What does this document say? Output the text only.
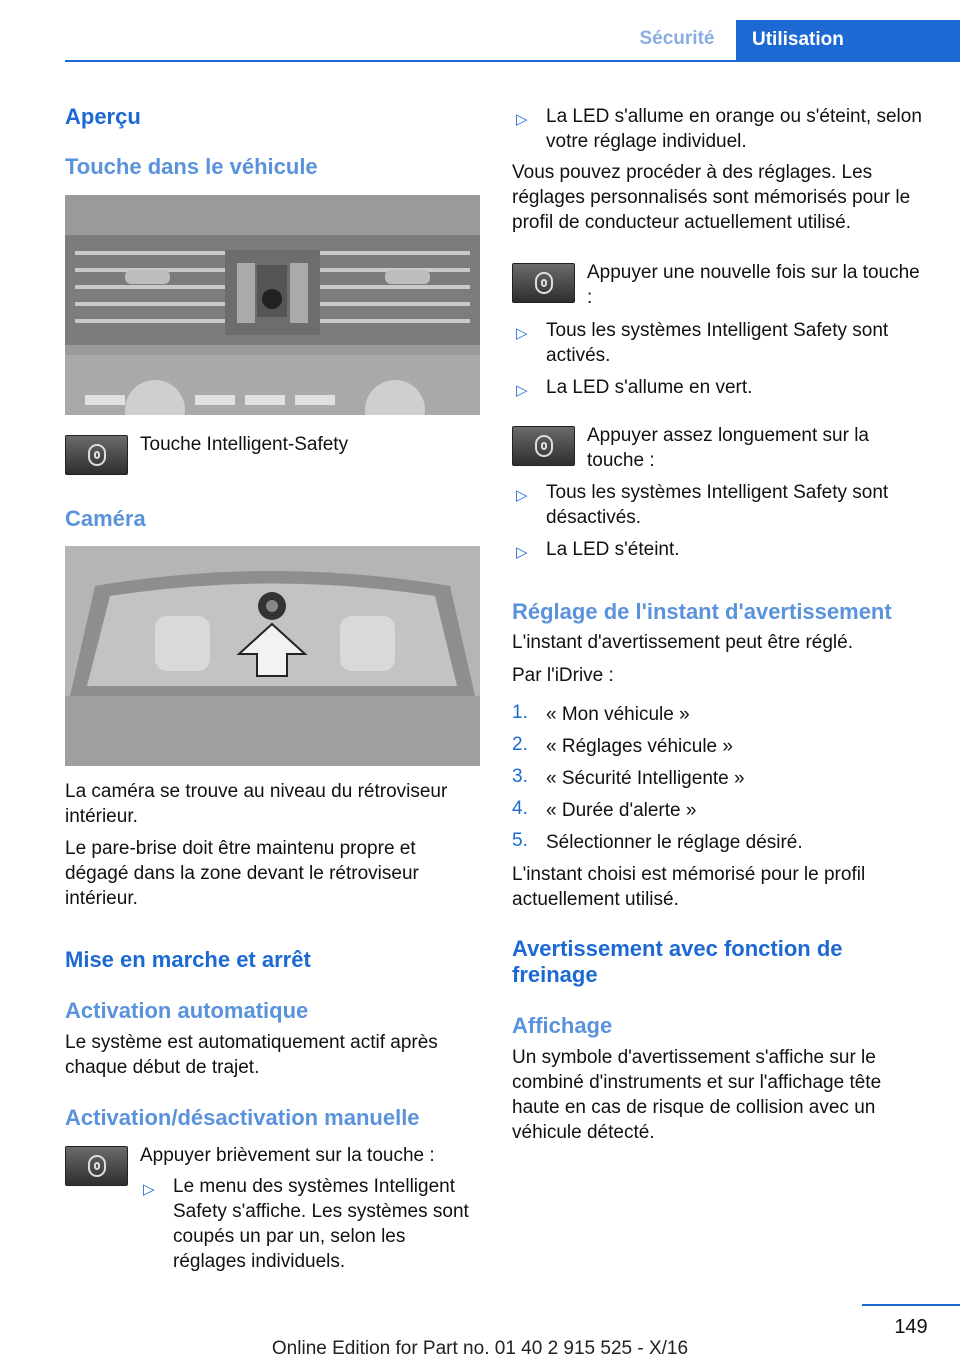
Sécurité	Utilisation
Aperçu
Touche dans le véhicule
Touche Intelligent-Safety
Caméra
La caméra se trouve au niveau du rétroviseur intérieur.
Le pare-brise doit être maintenu propre et dégagé dans la zone devant le rétroviseur intérieur.
Mise en marche et arrêt
Activation automatique
Le système est automatiquement actif après chaque début de trajet.
Activation/désactivation manuelle
Appuyer brièvement sur la touche :
▷ Le menu des systèmes Intelligent Safety s'affiche. Les systèmes sont coupés un par un, selon les réglages individuels.
▷ La LED s'allume en orange ou s'éteint, selon votre réglage individuel.
Vous pouvez procéder à des réglages. Les réglages personnalisés sont mémorisés pour le profil de conducteur actuellement utilisé.
Appuyer une nouvelle fois sur la touche :
▷ Tous les systèmes Intelligent Safety sont activés.
▷ La LED s'allume en vert.
Appuyer assez longuement sur la touche :
▷ Tous les systèmes Intelligent Safety sont désactivés.
▷ La LED s'éteint.
Réglage de l'instant d'avertissement
L'instant d'avertissement peut être réglé.
Par l'iDrive :
1. « Mon véhicule »
2. « Réglages véhicule »
3. « Sécurité Intelligente »
4. « Durée d'alerte »
5. Sélectionner le réglage désiré.
L'instant choisi est mémorisé pour le profil actuellement utilisé.
Avertissement avec fonction de freinage
Affichage
Un symbole d'avertissement s'affiche sur le combiné d'instruments et sur l'affichage tête haute en cas de risque de collision avec un véhicule détecté.
149
Online Edition for Part no. 01 40 2 915 525 - X/16
